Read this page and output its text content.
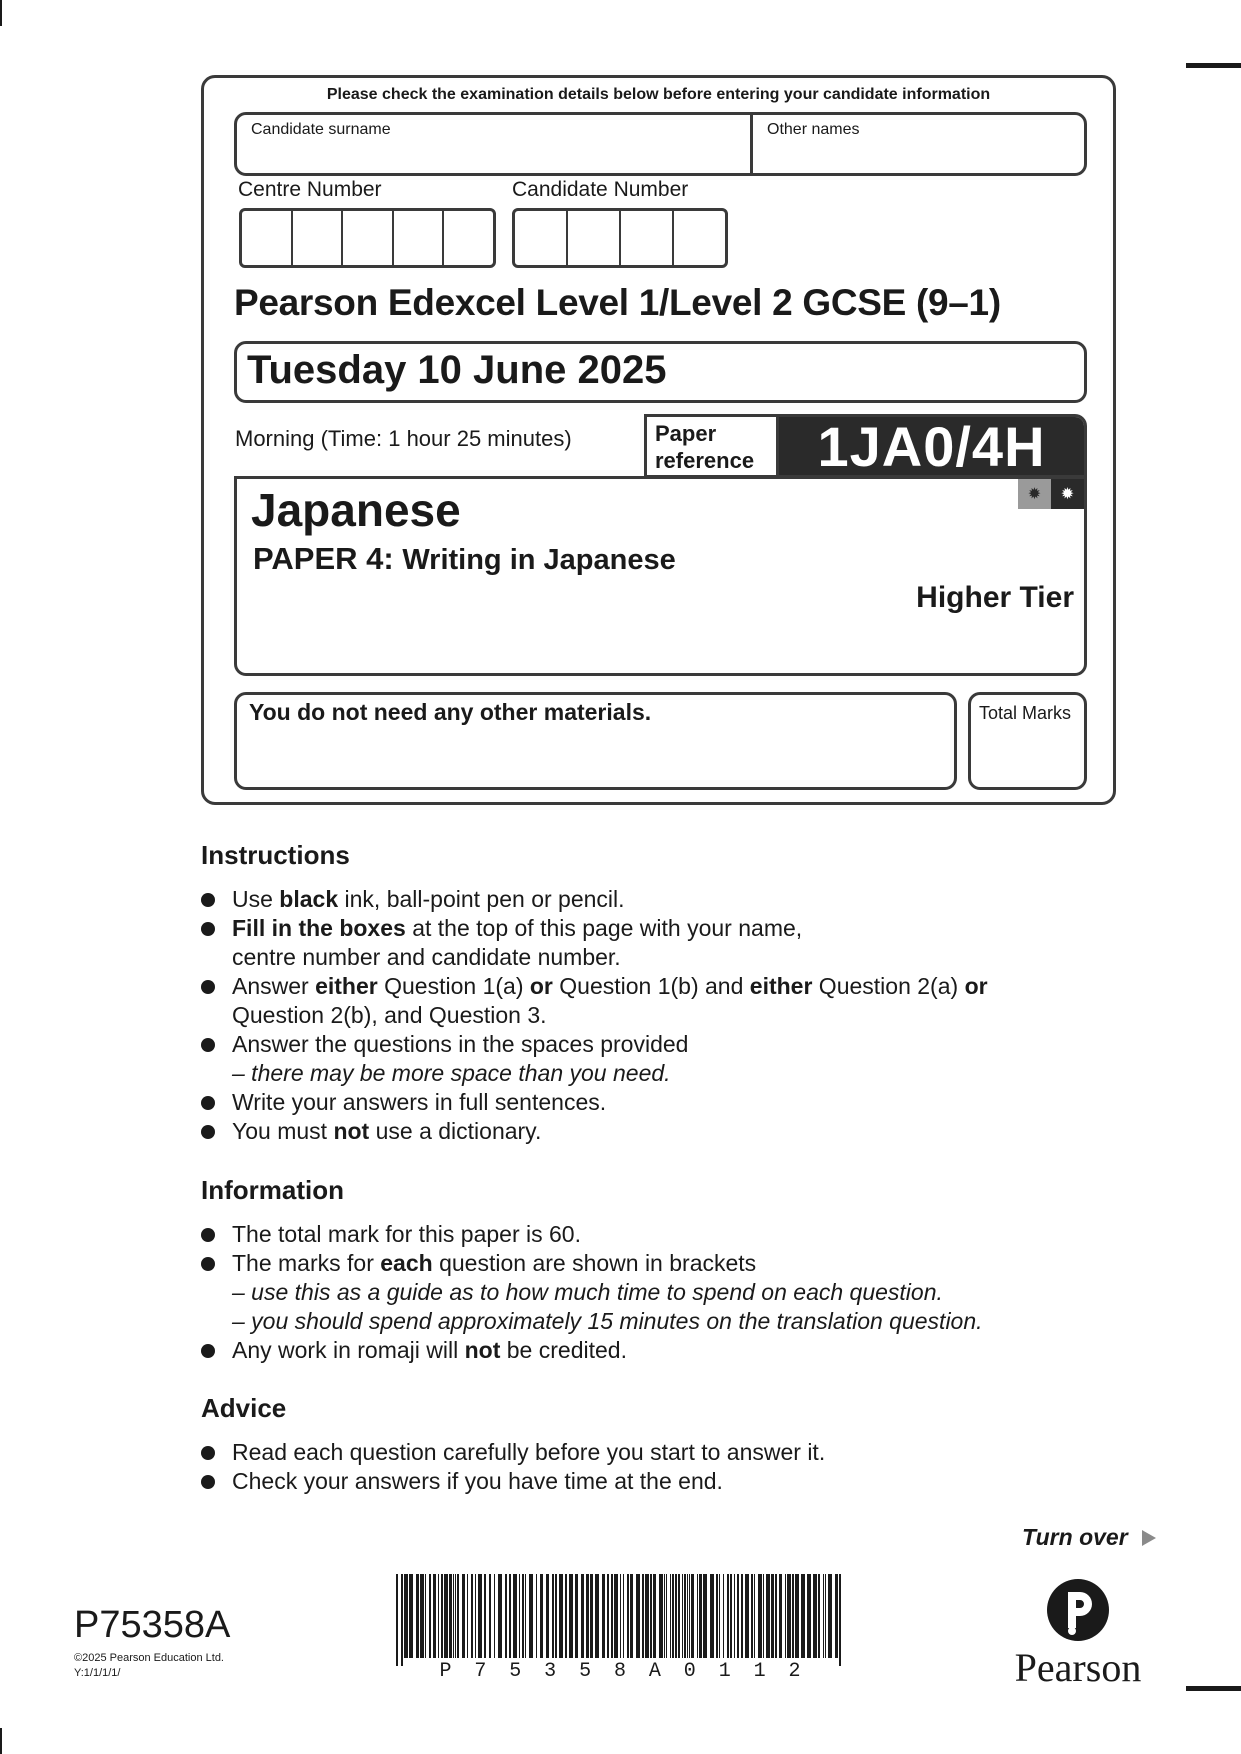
Please check the examination details below before entering your candidate information
Candidate surname	Other names
Centre Number	Candidate Number
Pearson Edexcel Level 1/Level 2 GCSE (9–1)
Tuesday 10 June 2025
Morning (Time: 1 hour 25 minutes)	Paper
reference	1JA0/4H
✹	✹
Japanese
PAPER 4: Writing in Japanese
Higher Tier
You do not need any other materials.	Total Marks
Instructions
Use black ink, ball-point pen or pencil.
Fill in the boxes at the top of this page with your name,
centre number and candidate number.
Answer either Question 1(a) or Question 1(b) and either Question 2(a) or
Question 2(b), and Question 3.
Answer the questions in the spaces provided
– there may be more space than you need.
Write your answers in full sentences.
You must not use a dictionary.
Information
The total mark for this paper is 60.
The marks for each question are shown in brackets
– use this as a guide as to how much time to spend on each question.
– you should spend approximately 15 minutes on the translation question.
Any work in romaji will not be credited.
Advice
Read each question carefully before you start to answer it.
Check your answers if you have time at the end.
Turn over
P75358A
©2025 Pearson Education Ltd.
Y:1/1/1/1/	P 7 5 3 5 8 A 0 1 1 2	Pearson
